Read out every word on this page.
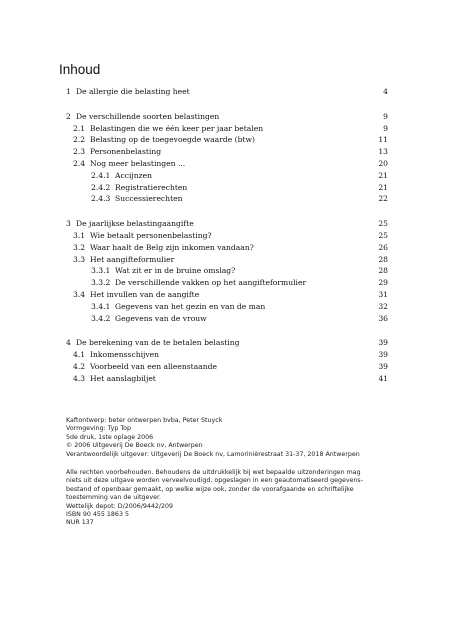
Inhoud
1 De allergie die belasting heet	4
2 De verschillende soorten belastingen	9
2.1 Belastingen die we één keer per jaar betalen	9
2.2 Belasting op de toegevoegde waarde (btw)	11
2.3 Personenbelasting	13
2.4 Nog meer belastingen ...	20
2.4.1 Accijnzen	21
2.4.2 Registratierechten	21
2.4.3 Successierechten	22
3 De jaarlijkse belastingaangifte	25
3.1 Wie betaalt personenbelasting?	25
3.2 Waar haalt de Belg zijn inkomen vandaan?	26
3.3 Het aangifteformulier	28
3.3.1 Wat zit er in de bruine omslag?	28
3.3.2 De verschillende vakken op het aangifteformulier	29
3.4 Het invullen van de aangifte	31
3.4.1 Gegevens van het gezin en van de man	32
3.4.2 Gegevens van de vrouw	36
4 De berekening van de te betalen belasting	39
4.1 Inkomensschijven	39
4.2 Voorbeeld van een alleenstaande	39
4.3 Het aanslagbiljet	41

Kaftontwerp: beter ontwerpen bvba, Peter Stuyck

Vormgeving: Typ Top

5de druk, 1ste oplage 2006

© 2006 Uitgeverij De Boeck nv, Antwerpen

Verantwoordelijk uitgever: Uitgeverij De Boeck nv, Lamorinièrestraat 31-37, 2018 Antwerpen

Alle rechten voorbehouden. Behoudens de uitdrukkelijk bij wet bepaalde uitzonderingen mag

niets uit deze uitgave worden verveelvoudigd, opgeslagen in een geautomatiseerd gegevens-

bestand of openbaar gemaakt, op welke wijze ook, zonder de voorafgaande en schriftelijke

toestemming van de uitgever.

Wettelijk depot: D/2006/9442/209

ISBN 90 455 1863 5

NUR 137
